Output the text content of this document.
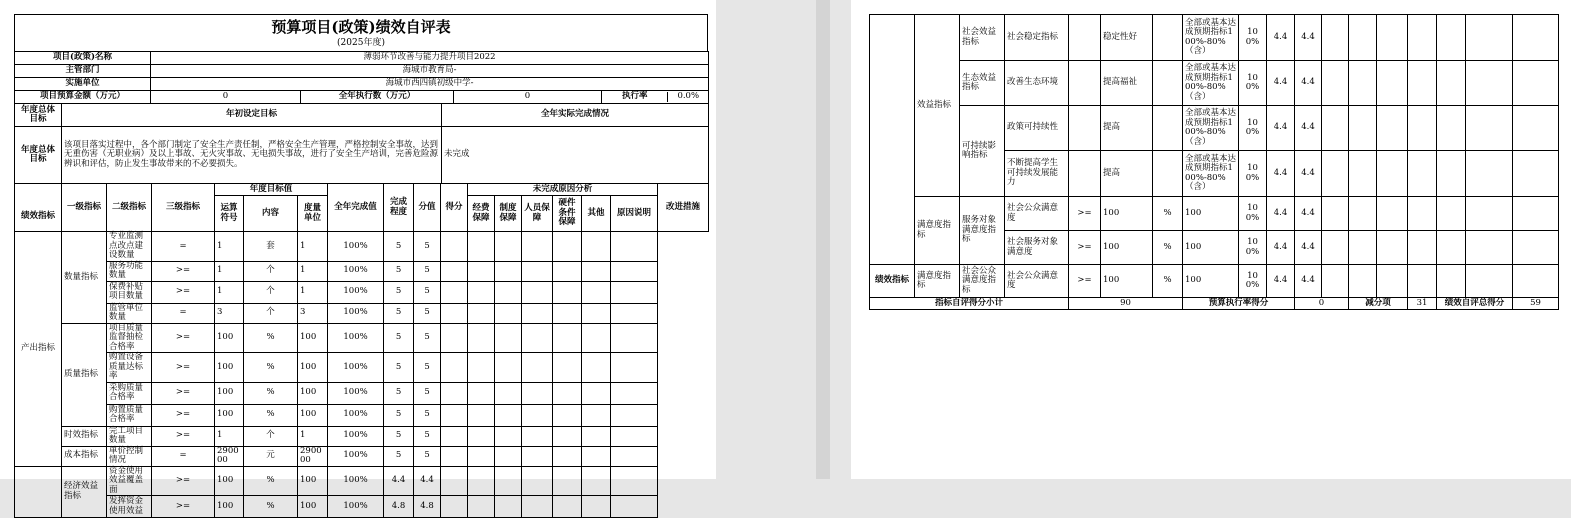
预算项目(政策)绩效自评表
(2025年度)
项目(政策)名称	薄弱环节改善与能力提升项目2022
主管部门	海城市教育局-
实施单位	海城市西四镇初级中学-
项目预算金额（万元）	0	全年执行数（万元）	0		执行率	0.0%
年度总体目标	年初设定目标	全年实际完成情况
年度总体目标	该项目落实过程中，各个部门制定了安全生产责任制，严格安全生产管理，严格控制安全事故，达到无重伤害（无职业病）及以上事故、无火灾事故、无电损失事故，进行了安全生产培训，完善危险源辨识和评估，防止发生事故带来的不必要损失。	未完成
绩效指标	一级指标	二级指标	三级指标	年度目标值			全年完成值	完成程度	分值	得分	未完成原因分析						改进措施
				运算符号	内容	度量单位					经费保障	制度保障	人员保障	硬件条件保障	其他	原因说明	
产出指标	数量指标	专业监测点改点建设数量	=	1	套	1	100%	5	5								
		服务功能数量	>=	1	个	1	100%	5	5								
		保费补贴项目数量	>=	1	个	1	100%	5	5								
		监管单位数量	=	3	个	3	100%	5	5								
	质量指标	项目质量监督抽检合格率	>=	100	%	100	100%	5	5								
		购置设备质量达标率	>=	100	%	100	100%	5	5								
		采购质量合格率	>=	100	%	100	100%	5	5								
		购置质量合格率	>=	100	%	100	100%	5	5								
	时效指标	完工项目数量	>=	1	个	1	100%	5	5								
	成本指标	单价控制情况	=	290000	元	290000	100%	5	5								
	经济效益指标	资金使用效益覆盖面	>=	100	%	100	100%	4.4	4.4								
		发挥资金使用效益	>=	100	%	100	100%	4.8	4.8								
	效益指标	社会效益指标	社会稳定指标		稳定性好		全部或基本达成预期指标100%-80%（含）	100%	4.4	4.4							
		生态效益指标	改善生态环境		提高福祉		全部或基本达成预期指标100%-80%（含）	100%	4.4	4.4							
		可持续影响指标	政策可持续性		提高		全部或基本达成预期指标100%-80%（含）	100%	4.4	4.4							
			不断提高学生可持续发展能力		提高		全部或基本达成预期指标100%-80%（含）	100%	4.4	4.4							
	满意度指标	服务对象满意度指标	社会公众满意度	>=	100	%	100	100%	4.4	4.4							
			社会服务对象满意度	>=	100	%	100	100%	4.4	4.4							
绩效指标	满意度指标	社会公众满意度指标	社会公众满意度	>=	100	%	100	100%	4.4	4.4							
指标自评得分小计				90			预算执行率得分			0		减分项		31	绩效自评总得分		59
